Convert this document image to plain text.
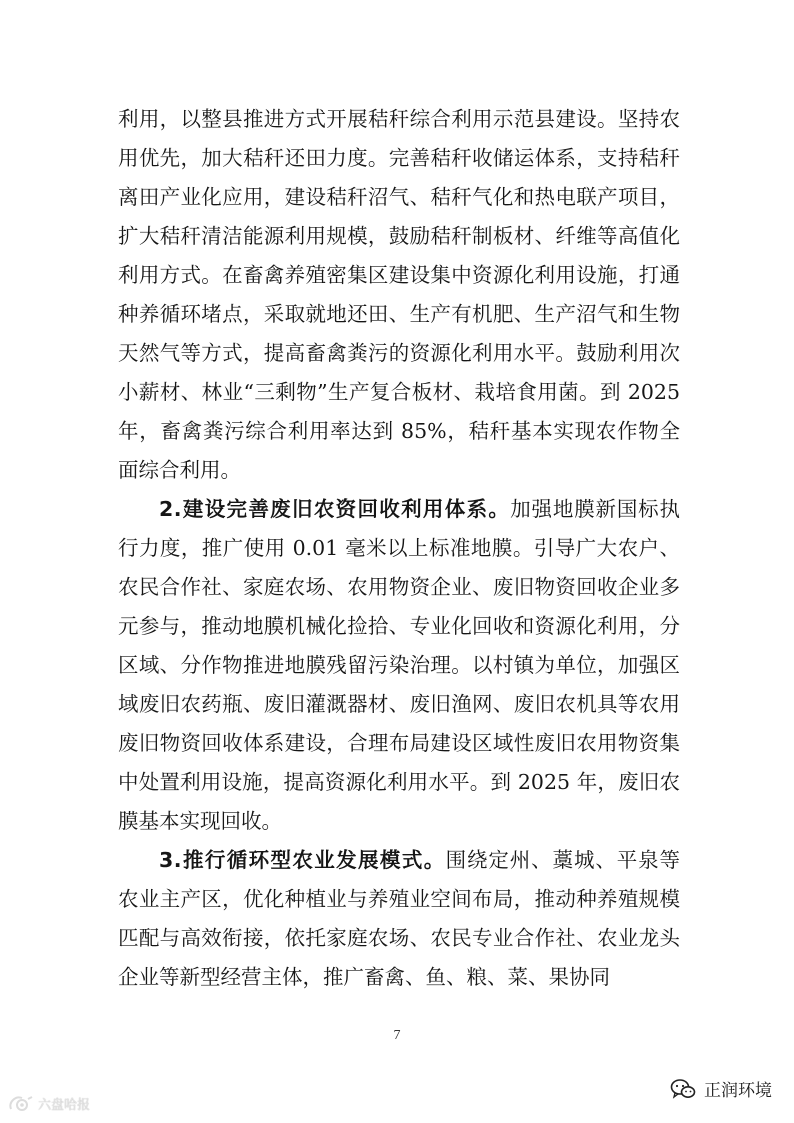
利用，以整县推进方式开展秸秆综合利用示范县建设。坚持农用优先，加大秸秆还田力度。完善秸秆收储运体系，支持秸秆离田产业化应用，建设秸秆沼气、秸秆气化和热电联产项目，扩大秸秆清洁能源利用规模，鼓励秸秆制板材、纤维等高值化利用方式。在畜禽养殖密集区建设集中资源化利用设施，打通种养循环堵点，采取就地还田、生产有机肥、生产沼气和生物天然气等方式，提高畜禽粪污的资源化利用水平。鼓励利用次小薪材、林业“三剩物”生产复合板材、栽培食用菌。到 2025 年，畜禽粪污综合利用率达到 85%，秸秆基本实现农作物全面综合利用。

2.建设完善废旧农资回收利用体系。加强地膜新国标执行力度，推广使用 0.01 毫米以上标准地膜。引导广大农户、农民合作社、家庭农场、农用物资企业、废旧物资回收企业多元参与，推动地膜机械化捡拾、专业化回收和资源化利用，分区域、分作物推进地膜残留污染治理。以村镇为单位，加强区域废旧农药瓶、废旧灌溉器材、废旧渔网、废旧农机具等农用废旧物资回收体系建设，合理布局建设区域性废旧农用物资集中处置利用设施，提高资源化利用水平。到 2025 年，废旧农膜基本实现回收。

3.推行循环型农业发展模式。围绕定州、藁城、平泉等农业主产区，优化种植业与养殖业空间布局，推动种养殖规模匹配与高效衔接，依托家庭农场、农民专业合作社、农业龙头企业等新型经营主体，推广畜禽、鱼、粮、菜、果协同

7
六盘哈报
正润环境
